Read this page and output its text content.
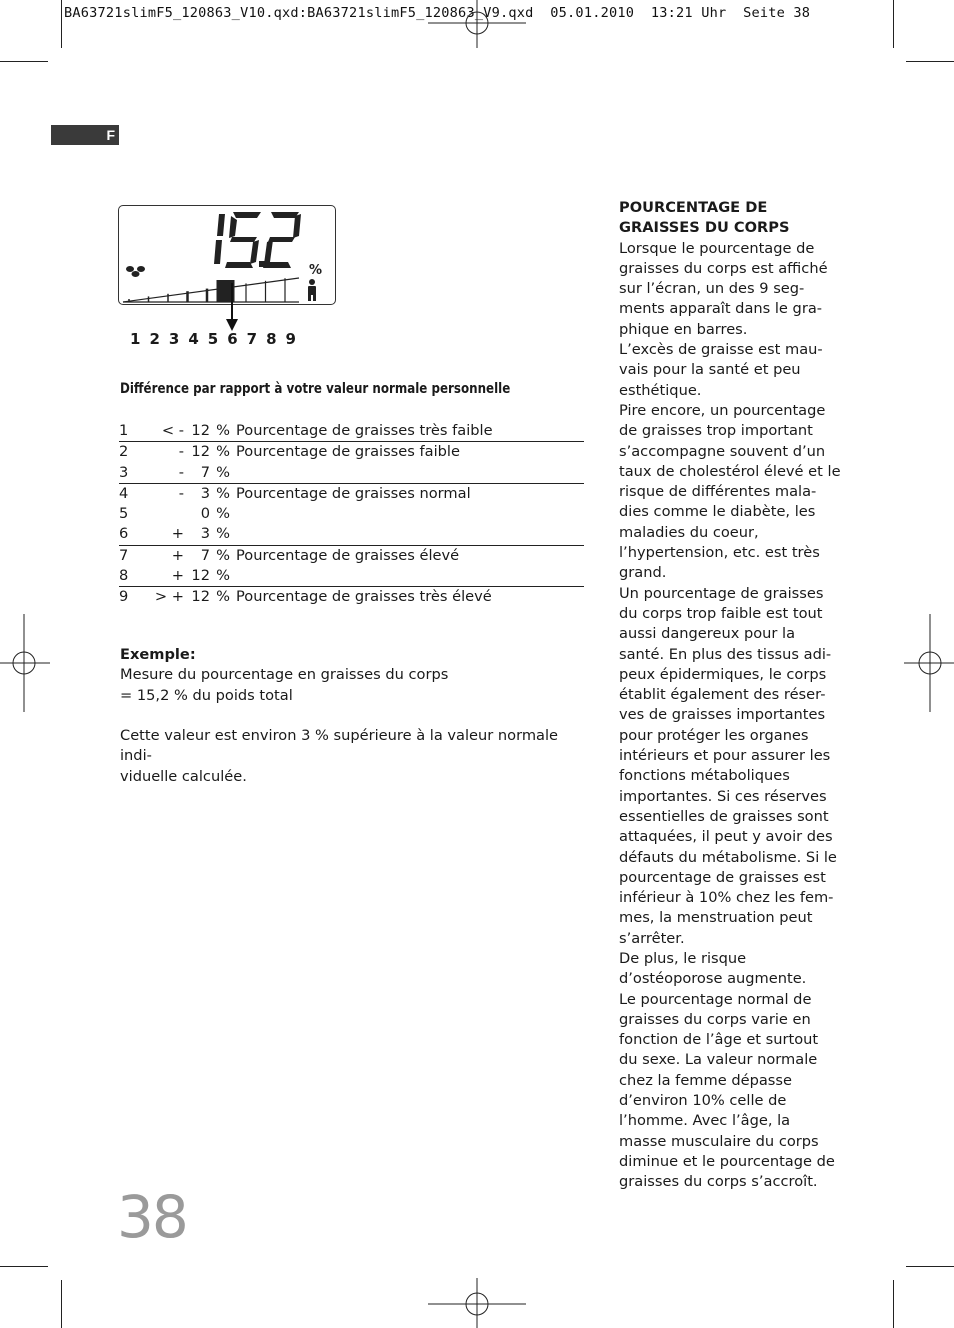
BA63721slimF5_120863_V10.qxd:BA63721slimF5_120863_V9.qxd  05.01.2010  13:21 Uhr  Seite 38
F
%
1 2 3 4 5 6 7 8 9
Différence par rapport à votre valeur normale personnelle
1	< -	12	%	Pourcentage de graisses très faible
2	-	12	%	Pourcentage de graisses faible
3	-	7	%	
4	-	3	%	Pourcentage de graisses normal
5		0	%	
6	+	3	%	
7	+	7	%	Pourcentage de graisses élevé
8	+	12	%	
9	> +	12	%	Pourcentage de graisses très élevé

Exemple:

Mesure du pourcentage en graisses du corps

= 15,2 % du poids total

Cette valeur est environ 3 % supérieure à la valeur normale indi-

viduelle calculée.

POURCENTAGE DE

GRAISSES DU CORPS

Lorsque le pourcentage de

graisses du corps est affiché

sur l’écran, un des 9 seg-

ments apparaît dans le gra-

phique en barres.

L’excès de graisse est mau-

vais pour la santé et peu

esthétique.

Pire encore, un pourcentage

de graisses trop important

s’accompagne souvent d’un

taux de cholestérol élevé et le

risque de différentes mala-

dies comme le diabète, les

maladies du coeur,

l’hypertension, etc. est très

grand.

Un pourcentage de graisses

du corps trop faible est tout

aussi dangereux pour la

santé. En plus des tissus adi-

peux épidermiques, le corps

établit également des réser-

ves de graisses importantes

pour protéger les organes

intérieurs et pour assurer les

fonctions métaboliques

importantes. Si ces réserves

essentielles de graisses sont

attaquées, il peut y avoir des

défauts du métabolisme. Si le

pourcentage de graisses est

inférieur à 10% chez les fem-

mes, la menstruation peut

s’arrêter.

De plus, le risque

d’ostéoporose augmente.

Le pourcentage normal de

graisses du corps varie en

fonction de l’âge et surtout

du sexe. La valeur normale

chez la femme dépasse

d’environ 10% celle de

l’homme. Avec l’âge, la

masse musculaire du corps

diminue et le pourcentage de

graisses du corps s’accroît.

38
